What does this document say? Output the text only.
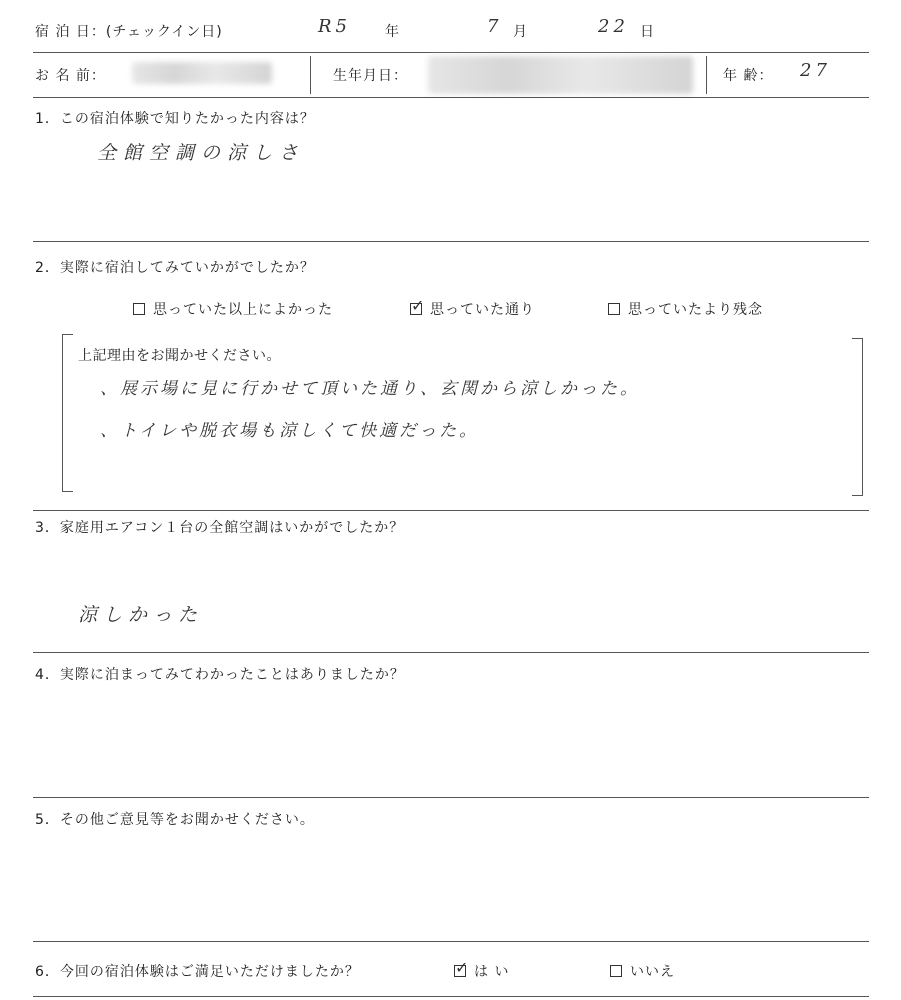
宿 泊 日：(チェックイン日)	R5 年	7 月	22 日
お 名 前：	生年月日：	年 齢： 27
1．この宿泊体験で知りたかった内容は？
全館空調の涼しさ
2．実際に宿泊してみていかがでしたか？
思っていた以上によかった	✓ 思っていた通り	思っていたより残念
上記理由をお聞かせください。
、展示場に見に行かせて頂いた通り、玄関から涼しかった。
、トイレや脱衣場も涼しくて快適だった。
3．家庭用エアコン１台の全館空調はいかがでしたか？
涼しかった
4．実際に泊まってみてわかったことはありましたか？
5．その他ご意見等をお聞かせください。
6．今回の宿泊体験はご満足いただけましたか？	✓ は い	いいえ
